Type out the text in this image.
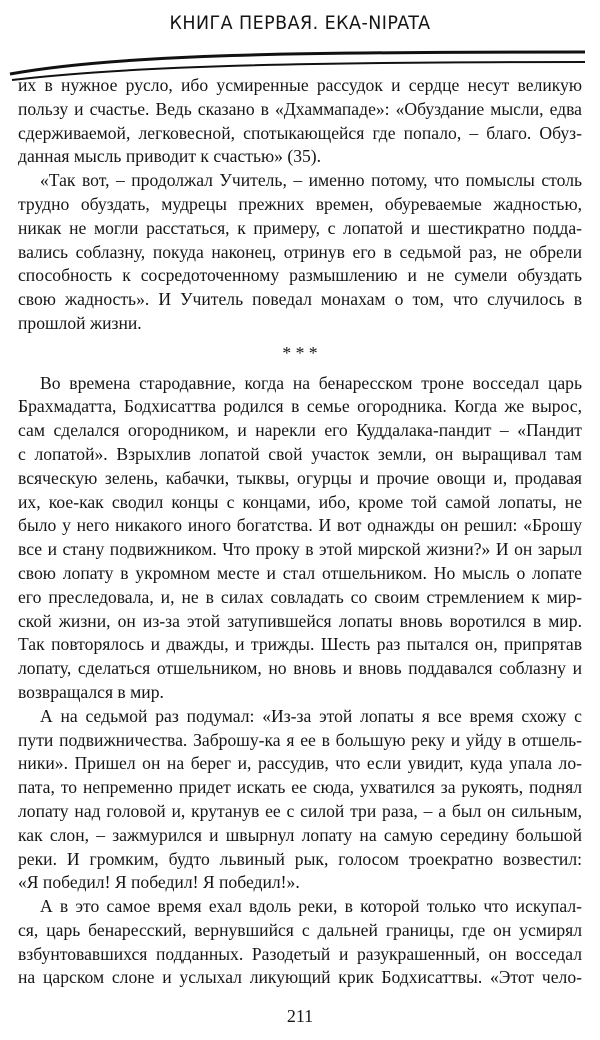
КНИГА ПЕРВАЯ. ЕКА-NIPATA
их в нужное русло, ибо усмиренные рассудок и сердце несут великую
пользу и счастье. Ведь сказано в «Дхаммападе»: «Обуздание мысли, едва
сдерживаемой, легковесной, спотыкающейся где попало, – благо. Обуз-
данная мысль приводит к счастью» (35).
«Так вот, – продолжал Учитель, – именно потому, что помыслы столь
трудно обуздать, мудрецы прежних времен, обуреваемые жадностью,
никак не могли расстаться, к примеру, с лопатой и шестикратно подда-
вались соблазну, покуда наконец, отринув его в седьмой раз, не обрели
способность к сосредоточенному размышлению и не сумели обуздать
свою жадность». И Учитель поведал монахам о том, что случилось в
прошлой жизни.
* * *
Во времена стародавние, когда на бенаресском троне восседал царь
Брахмадатта, Бодхисаттва родился в семье огородника. Когда же вырос,
сам сделался огородником, и нарекли его Куддалака-пандит – «Пандит
с лопатой». Взрыхлив лопатой свой участок земли, он выращивал там
всяческую зелень, кабачки, тыквы, огурцы и прочие овощи и, продавая
их, кое-как сводил концы с концами, ибо, кроме той самой лопаты, не
было у него никакого иного богатства. И вот однажды он решил: «Брошу
все и стану подвижником. Что проку в этой мирской жизни?» И он зарыл
свою лопату в укромном месте и стал отшельником. Но мысль о лопате
его преследовала, и, не в силах совладать со своим стремлением к мир-
ской жизни, он из-за этой затупившейся лопаты вновь воротился в мир.
Так повторялось и дважды, и трижды. Шесть раз пытался он, припрятав
лопату, сделаться отшельником, но вновь и вновь поддавался соблазну и
возвращался в мир.
А на седьмой раз подумал: «Из-за этой лопаты я все время схожу с
пути подвижничества. Заброшу-ка я ее в большую реку и уйду в отшель-
ники». Пришел он на берег и, рассудив, что если увидит, куда упала ло-
пата, то непременно придет искать ее сюда, ухватился за рукоять, поднял
лопату над головой и, крутанув ее с силой три раза, – а был он сильным,
как слон, – зажмурился и швырнул лопату на самую середину большой
реки. И громким, будто львиный рык, голосом троекратно возвестил:
«Я победил! Я победил! Я победил!».
А в это самое время ехал вдоль реки, в которой только что искупал-
ся, царь бенаресский, вернувшийся с дальней границы, где он усмирял
взбунтовавшихся подданных. Разодетый и разукрашенный, он восседал
на царском слоне и услыхал ликующий крик Бодхисаттвы. «Этот чело-
211
